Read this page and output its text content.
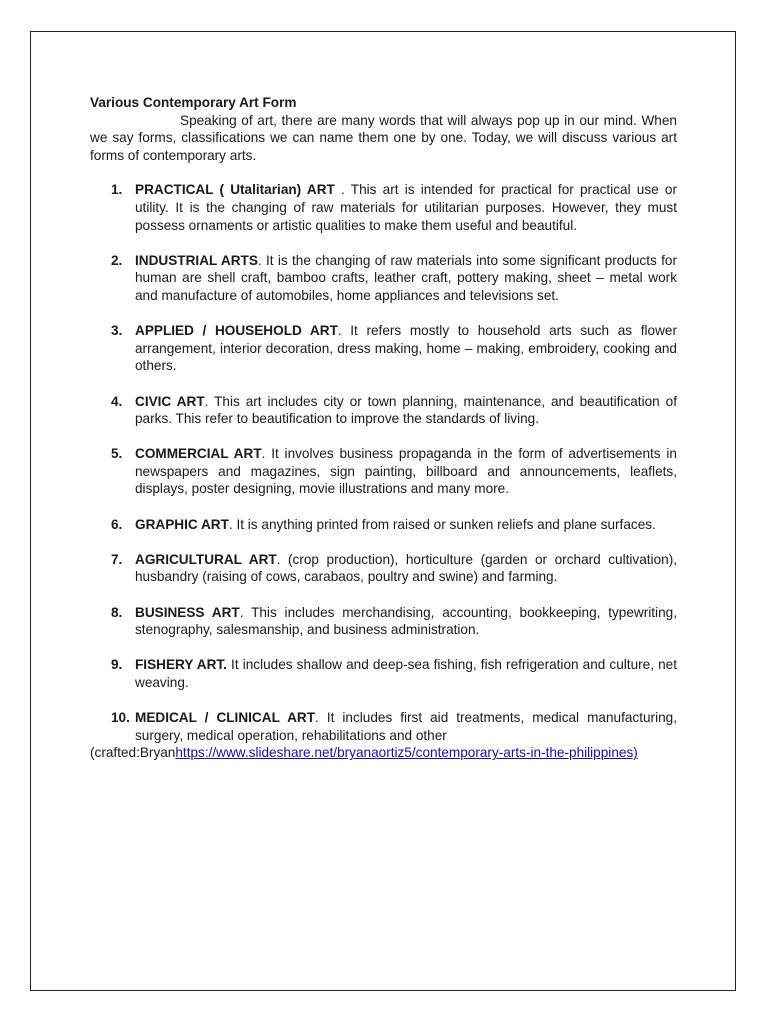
Various Contemporary Art Form

Speaking of art, there are many words that will always pop up in our mind. When we say forms, classifications we can name them one by one. Today, we will discuss various art forms of contemporary arts.

1. PRACTICAL ( Utalitarian) ART . This art is intended for practical for practical use or utility. It is the changing of raw materials for utilitarian purposes. However, they must possess ornaments or artistic qualities to make them useful and beautiful.
2. INDUSTRIAL ARTS. It is the changing of raw materials into some significant products for human are shell craft, bamboo crafts, leather craft, pottery making, sheet – metal work and manufacture of automobiles, home appliances and televisions set.
3. APPLIED / HOUSEHOLD ART. It refers mostly to household arts such as flower arrangement, interior decoration, dress making, home – making, embroidery, cooking and others.
4. CIVIC ART. This art includes city or town planning, maintenance, and beautification of parks. This refer to beautification to improve the standards of living.
5. COMMERCIAL ART. It involves business propaganda in the form of advertisements in newspapers and magazines, sign painting, billboard and announcements, leaflets, displays, poster designing, movie illustrations and many more.
6. GRAPHIC ART. It is anything printed from raised or sunken reliefs and plane surfaces.
7. AGRICULTURAL ART. (crop production), horticulture (garden or orchard cultivation), husbandry (raising of cows, carabaos, poultry and swine) and farming.
8. BUSINESS ART. This includes merchandising, accounting, bookkeeping, typewriting, stenography, salesmanship, and business administration.
9. FISHERY ART. It includes shallow and deep-sea fishing, fish refrigeration and culture, net weaving.
10. MEDICAL / CLINICAL ART. It includes first aid treatments, medical manufacturing, surgery, medical operation, rehabilitations and other

(crafted:Bryanhttps://www.slideshare.net/bryanaortiz5/contemporary-arts-in-the-philippines)
